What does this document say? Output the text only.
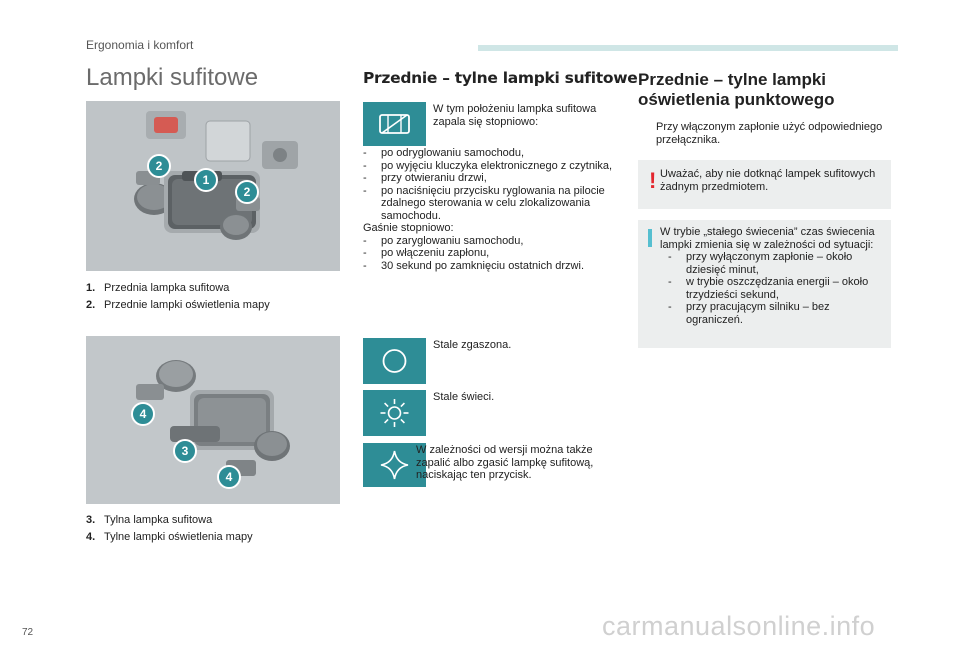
Ergonomia i komfort
Lampki sufitowe
2
1
2
1. Przednia lampka sufitowa
2. Przednie lampki oświetlenia mapy
4
3
4
3. Tylna lampka sufitowa
4. Tylne lampki oświetlenia mapy
Przednie – tylne lampki sufitowe
W tym położeniu lampka sufitowa zapala się stopniowo:
- po odryglowaniu samochodu,
- po wyjęciu kluczyka elektronicznego z czytnika,
- przy otwieraniu drzwi,
- po naciśnięciu przycisku ryglowania na pilocie zdalnego sterowania w celu zlokalizowania samochodu.
Gaśnie stopniowo:
- po zaryglowaniu samochodu,
- po włączeniu zapłonu,
- 30 sekund po zamknięciu ostatnich drzwi.
Stale zgaszona.
Stale świeci.
W zależności od wersji można także zapalić albo zgasić lampkę sufitową, naciskając ten przycisk.
Przednie – tylne lampki oświetlenia punktowego
Przy włączonym zapłonie użyć odpowiedniego przełącznika.
! Uważać, aby nie dotknąć lampek sufitowych żadnym przedmiotem.
W trybie „stałego świecenia” czas świecenia lampki zmienia się w zależności od sytuacji:
- przy wyłączonym zapłonie – około dziesięć minut,
- w trybie oszczędzania energii – około trzydzieści sekund,
- przy pracującym silniku – bez ograniczeń.
72	carmanualsonline.info
